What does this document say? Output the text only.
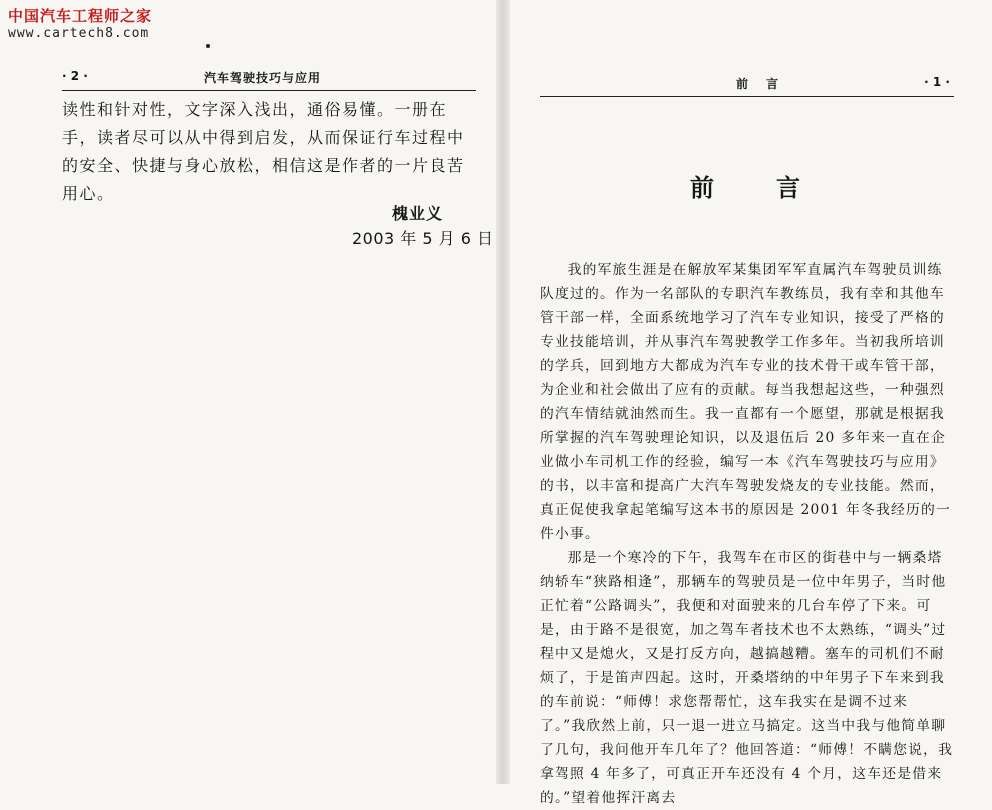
中国汽车工程师之家
www.cartech8.com
· 2 ·	汽车驾驶技巧与应用

读性和针对性，文字深入浅出，通俗易懂。一册在手，读者尽可以从中得到启发，从而保证行车过程中的安全、快捷与身心放松，相信这是作者的一片良苦用心。

槐业义
2003 年 5 月 6 日
前言	· 1 ·
前言

我的军旅生涯是在解放军某集团军军直属汽车驾驶员训练队度过的。作为一名部队的专职汽车教练员，我有幸和其他车管干部一样，全面系统地学习了汽车专业知识，接受了严格的专业技能培训，并从事汽车驾驶教学工作多年。当初我所培训的学兵，回到地方大都成为汽车专业的技术骨干或车管干部，为企业和社会做出了应有的贡献。每当我想起这些，一种强烈的汽车情结就油然而生。我一直都有一个愿望，那就是根据我所掌握的汽车驾驶理论知识，以及退伍后 20 多年来一直在企业做小车司机工作的经验，编写一本《汽车驾驶技巧与应用》的书，以丰富和提高广大汽车驾驶发烧友的专业技能。然而，真正促使我拿起笔编写这本书的原因是 2001 年冬我经历的一件小事。

那是一个寒冷的下午，我驾车在市区的街巷中与一辆桑塔纳轿车“狭路相逢”，那辆车的驾驶员是一位中年男子，当时他正忙着“公路调头”，我便和对面驶来的几台车停了下来。可是，由于路不是很宽，加之驾车者技术也不太熟练，“调头”过程中又是熄火，又是打反方向，越搞越糟。塞车的司机们不耐烦了，于是笛声四起。这时，开桑塔纳的中年男子下车来到我的车前说：“师傅！求您帮帮忙，这车我实在是调不过来了。”我欣然上前，只一退一进立马搞定。这当中我与他简单聊了几句，我问他开车几年了？他回答道：“师傅！不瞒您说，我拿驾照 4 年多了，可真正开车还没有 4 个月，这车还是借来的。”望着他挥汗离去
